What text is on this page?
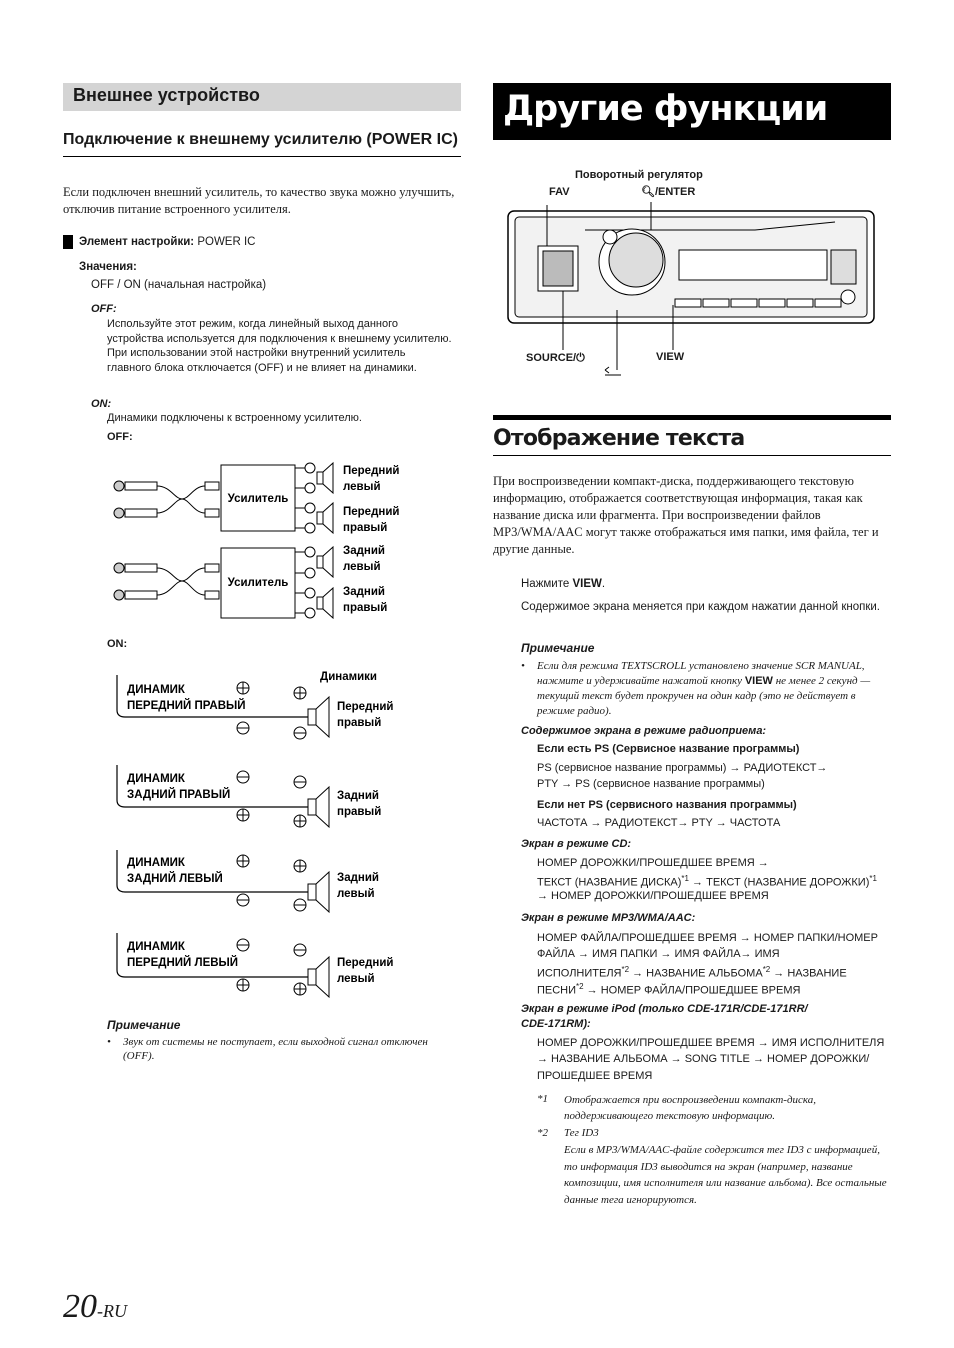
Внешнее устройство
Подключение к внешнему усилителю (POWER IC)
Если подключен внешний усилитель, то качество звука можно улучшить, отключив питание встроенного усилителя.
Элемент настройки: POWER IC
Значения:
OFF / ON (начальная настройка)
OFF:
Используйте этот режим, когда линейный выход данного устройства используется для подключения к внешнему усилителю. При использовании этой настройки внутренний усилитель главного блока отключается (OFF) и не влияет на динамики.
ON:
Динамики подключены к встроенному усилителю.
OFF:
Усилитель
Усилитель
Передний
левый
Передний
правый
Задний
левый
Задний
правый
ON:
Динамики
ДИНАМИК
ПЕРЕДНИЙ ПРАВЫЙ
ДИНАМИК
ЗАДНИЙ ПРАВЫЙ
ДИНАМИК
ЗАДНИЙ ЛЕВЫЙ
ДИНАМИК
ПЕРЕДНИЙ ЛЕВЫЙ
Передний
правый
Задний
правый
Задний
левый
Передний
левый
Примечание
• Звук от системы не поступает, если выходной сигнал отключен (OFF).
Другие функции
Поворотный регулятор
🔍︎/ENTER
FAV
SOURCE/⏻	VIEW
Отображение текста
При воспроизведении компакт-диска, поддерживающего текстовую информацию, отображается соответствующая информация, такая как название диска или фрагмента. При воспроизведении файлов MP3/WMA/AAC могут также отображаться имя папки, имя файла, тег и другие данные.
Нажмите VIEW.
Содержимое экрана меняется при каждом нажатии данной кнопки.
Примечание
• Если для режима TEXTSCROLL установлено значение SCR MANUAL, нажмите и удерживайте нажатой кнопку VIEW не менее 2 секунд — текущий текст будет прокручен на один кадр (это не действует в режиме радио).
Содержимое экрана в режиме радиоприема:
Если есть PS (Сервисное название программы)
PS (сервисное название программы) → РАДИОТЕКСТ→
PTY → PS (сервисное название программы)
Если нет PS (сервисного названия программы)
ЧАСТОТА → РАДИОТЕКСТ→ PTY → ЧАСТОТА
Экран в режиме CD:
НОМЕР ДОРОЖКИ/ПРОШЕДШЕЕ ВРЕМЯ →
ТЕКСТ (НАЗВАНИЕ ДИСКА)$^{*1}$ → ТЕКСТ (НАЗВАНИЕ ДОРОЖКИ)$^{*1}$
→ НОМЕР ДОРОЖКИ/ПРОШЕДШЕЕ ВРЕМЯ
Экран в режиме MP3/WMA/AAC:
НОМЕР ФАЙЛА/ПРОШЕДШЕЕ ВРЕМЯ → НОМЕР ПАПКИ/НОМЕР
ФАЙЛА → ИМЯ ПАПКИ → ИМЯ ФАЙЛА→ ИМЯ
$ИСПОЛНИТЕЛЯ^{*2}$ → НАЗВАНИЕ $АЛЬБОМА^{*2}$ → НАЗВАНИЕ
$ПЕСНИ^{*2}$ → НОМЕР ФАЙЛА/ПРОШЕДШЕЕ ВРЕМЯ
Экран в режиме iPod (только CDE-171R/CDE-171RR/
CDE-171RM):
НОМЕР ДОРОЖКИ/ПРОШЕДШЕЕ ВРЕМЯ → ИМЯ ИСПОЛНИТЕЛЯ
→ НАЗВАНИЕ АЛЬБОМА → SONG TITLE → НОМЕР ДОРОЖКИ/
ПРОШЕДШЕЕ ВРЕМЯ
*1 Отображается при воспроизведении компакт-диска, поддерживающего текстовую информацию.
*2 Тег ID3
Если в MP3/WMA/AAC-файле содержится тег ID3 с информацией, то информация ID3 выводится на экран (например, название композиции, имя исполнителя или название альбома). Все остальные данные тега игнорируются.
20-RU
